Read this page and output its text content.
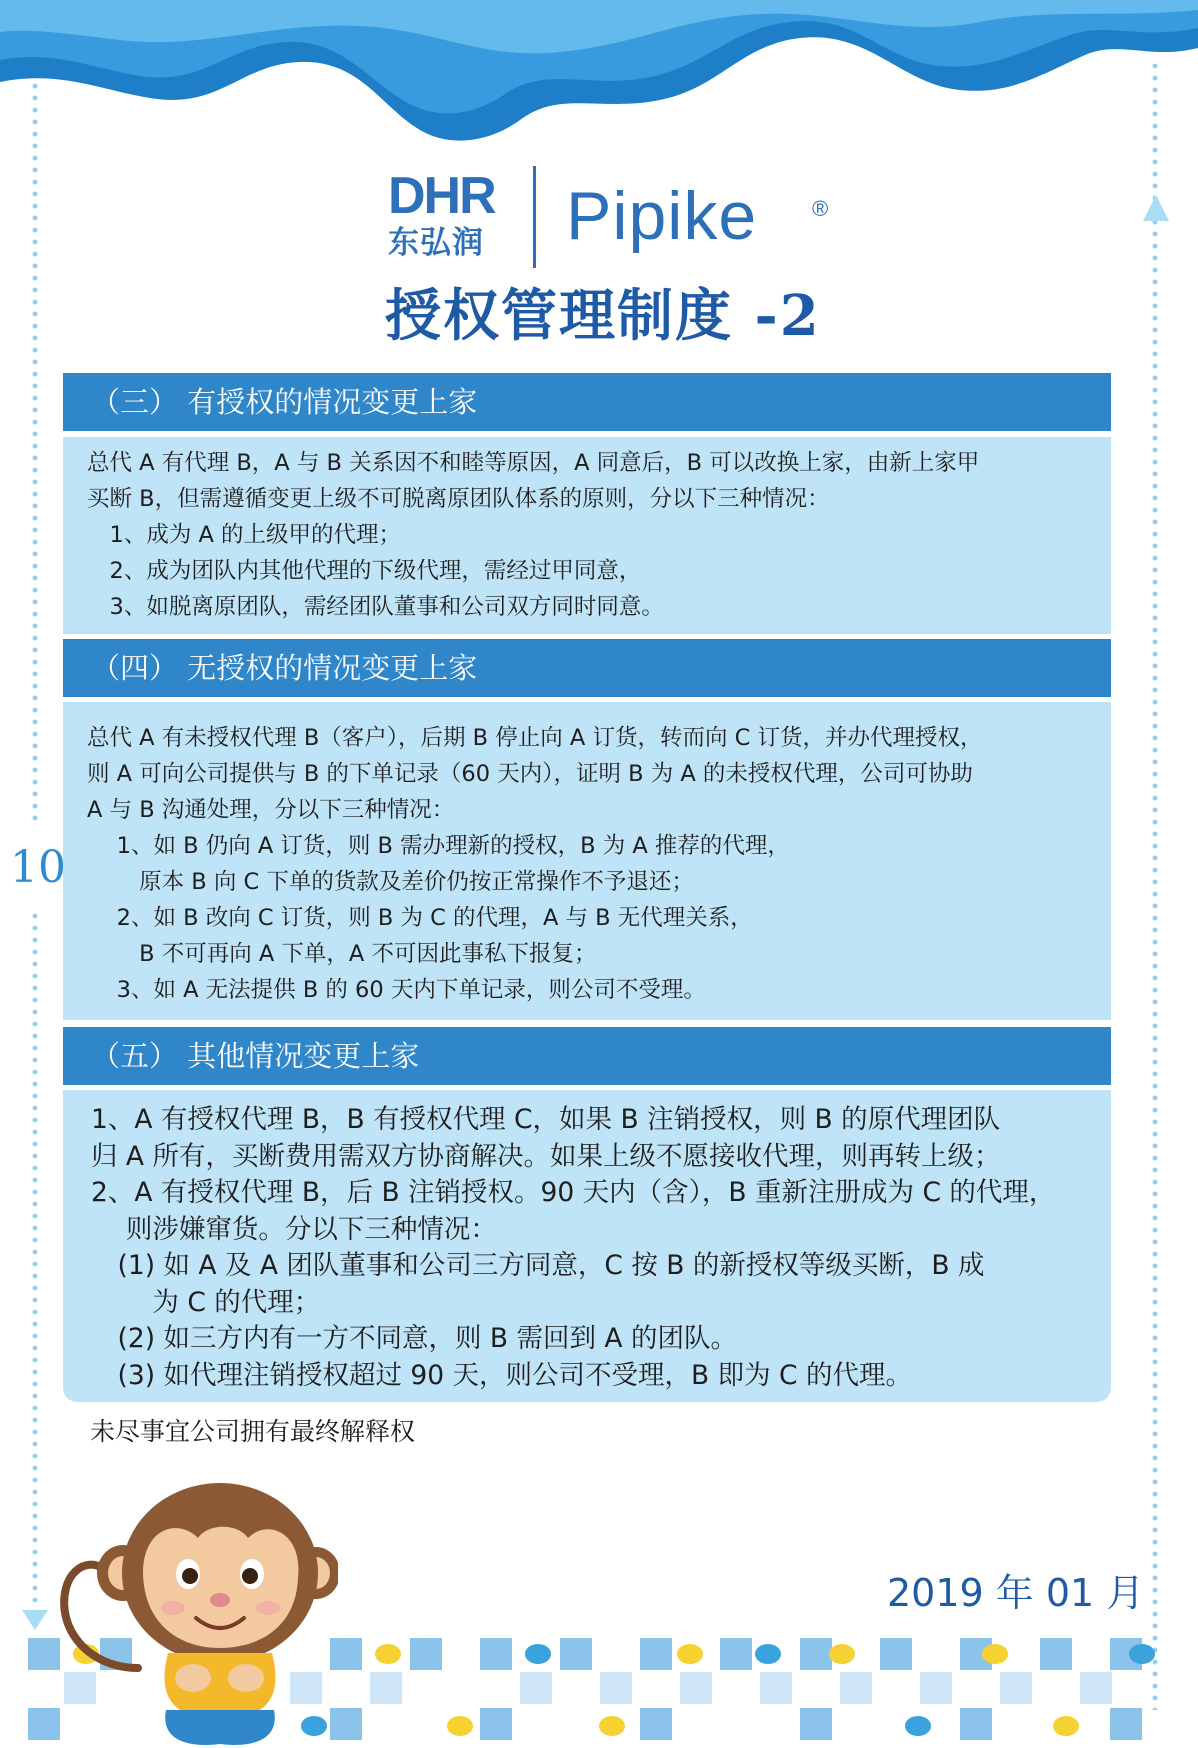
DHR
东弘润 Pipike ®
授权管理制度 -2
（三） 有授权的情况变更上家
总代 A 有代理 B，A 与 B 关系因不和睦等原因，A 同意后，B 可以改换上家，由新上家甲
买断 B，但需遵循变更上级不可脱离原团队体系的原则，分以下三种情况：
　1、成为 A 的上级甲的代理；
　2、成为团队内其他代理的下级代理，需经过甲同意，
　3、如脱离原团队，需经团队董事和公司双方同时同意。
（四） 无授权的情况变更上家
总代 A 有未授权代理 B（客户），后期 B 停止向 A 订货，转而向 C 订货，并办代理授权，
则 A 可向公司提供与 B 的下单记录（60 天内），证明 B 为 A 的未授权代理，公司可协助
A 与 B 沟通处理，分以下三种情况：
　 1、如 B 仍向 A 订货，则 B 需办理新的授权，B 为 A 推荐的代理，
　　 原本 B 向 C 下单的货款及差价仍按正常操作不予退还；
　 2、如 B 改向 C 订货，则 B 为 C 的代理，A 与 B 无代理关系，
　　 B 不可再向 A 下单，A 不可因此事私下报复；
　 3、如 A 无法提供 B 的 60 天内下单记录，则公司不受理。
（五） 其他情况变更上家
1、A 有授权代理 B，B 有授权代理 C，如果 B 注销授权，则 B 的原代理团队
归 A 所有，买断费用需双方协商解决。如果上级不愿接收代理，则再转上级；
2、A 有授权代理 B，后 B 注销授权。90 天内（含），B 重新注册成为 C 的代理，
　 则涉嫌窜货。分以下三种情况：
　(1) 如 A 及 A 团队董事和公司三方同意，C 按 B 的新授权等级买断，B 成
　　 为 C 的代理；
　(2) 如三方内有一方不同意，则 B 需回到 A 的团队。
　(3) 如代理注销授权超过 90 天，则公司不受理，B 即为 C 的代理。
未尽事宜公司拥有最终解释权
10
2019 年 01 月
